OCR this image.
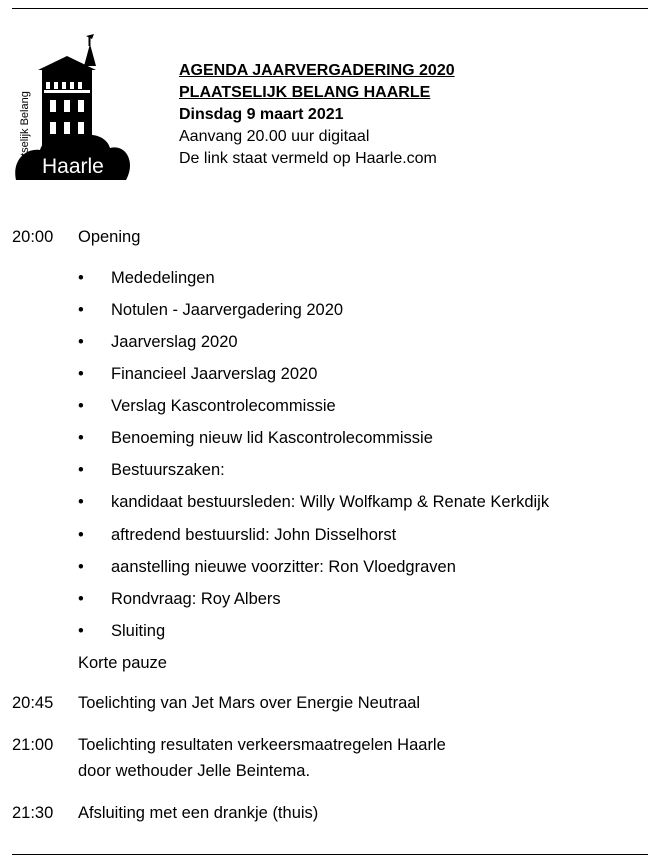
Plaatselijk Belang Haarle
AGENDA JAARVERGADERING 2020
PLAATSELIJK BELANG HAARLE
Dinsdag 9 maart 2021
Aanvang 20.00 uur digitaal
De link staat vermeld op Haarle.com
20:00	Opening
• Mededelingen
• Notulen - Jaarvergadering 2020
• Jaarverslag 2020
• Financieel Jaarverslag 2020
• Verslag Kascontrolecommissie
• Benoeming nieuw lid Kascontrolecommissie
• Bestuurszaken:
• kandidaat bestuursleden: Willy Wolfkamp & Renate Kerkdijk
• aftredend bestuurslid: John Disselhorst
• aanstelling nieuwe voorzitter: Ron Vloedgraven
• Rondvraag: Roy Albers
• Sluiting
Korte pauze
20:45	Toelichting van Jet Mars over Energie Neutraal
21:00	Toelichting resultaten verkeersmaatregelen Haarle
door wethouder Jelle Beintema.
21:30	Afsluiting met een drankje (thuis)
